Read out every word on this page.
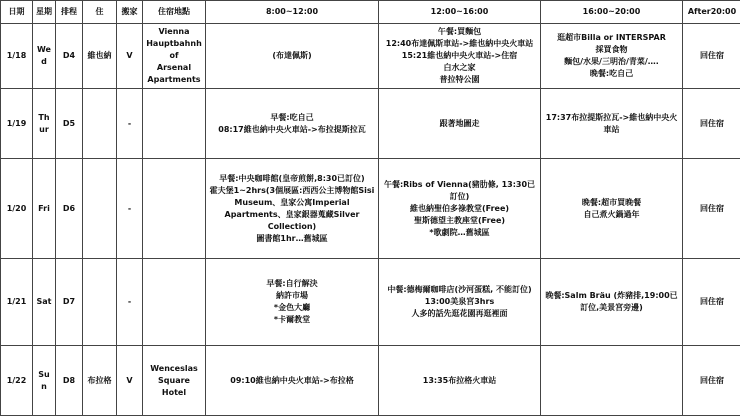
日期	星期	排程	住	搬家	住宿地點	8:00~12:00	12:00~16:00	16:00~20:00	After20:00
1/18	Wed	D4	維也納	V	Vienna
Hauptbahnhof
Arsenal
Apartments	(布達佩斯)	午餐:買麵包
12:40布達佩斯車站->維也納中央火車站
15:21維也納中央火車站->住宿
白水之家
普拉特公園	逛超市Billa or INTERSPAR
採買食物
麵包/水果/三明治/青菜/….
晚餐:吃自己	回住宿

1/19	Thur	D5		-		早餐:吃自己
08:17維也納中央火車站->布拉提斯拉瓦	跟著地圖走	17:37布拉提斯拉瓦->維也納中央火車站	回住宿

1/20	Fri	D6		-		早餐:中央咖啡館(皇帝煎餅,8:30已訂位)
霍夫堡1~2hrs(3個展區:西西公主博物館Sisi Museum、皇家公寓Imperial Apartments、皇家銀器蒐藏Silver Collection)
圖書館1hr…舊城區	午餐:Ribs of Vienna(豬肋條, 13:30已訂位)
維也納聖伯多祿教堂(Free)
聖斯德望主教座堂(Free)
*歌劇院…舊城區	晚餐:超市買晚餐
自己煮火鍋過年	回住宿

1/21	Sat	D7		-		早餐:自行解決
納許市場
*金色大廳
*卡爾教堂	中餐:德梅爾咖啡店(沙河蛋糕, 不能訂位)
13:00美泉宮3hrs
人多的話先逛花園再逛裡面	晚餐:Salm Bräu (炸豬排,19:00已訂位,美景宮旁邊)	回住宿

1/22	Sun	D8	布拉格	V	Wenceslas
Square Hotel	09:10維也納中央火車站->布拉格	13:35布拉格火車站		回住宿
